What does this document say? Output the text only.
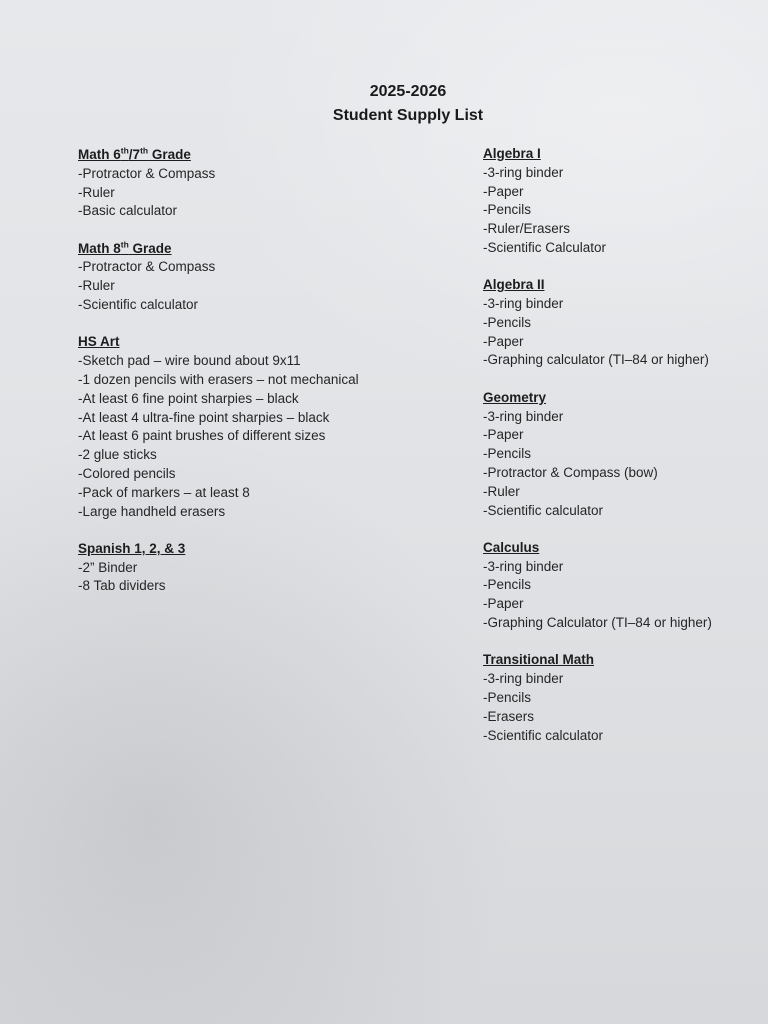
2025-2026
Student Supply List
Math 6th/7th Grade
-Protractor & Compass
-Ruler
-Basic calculator
Math 8th Grade
-Protractor & Compass
-Ruler
-Scientific calculator
HS Art
-Sketch pad – wire bound about 9x11
-1 dozen pencils with erasers – not mechanical
-At least 6 fine point sharpies – black
-At least 4 ultra-fine point sharpies – black
-At least 6 paint brushes of different sizes
-2 glue sticks
-Colored pencils
-Pack of markers – at least 8
-Large handheld erasers
Spanish 1, 2, & 3
-2” Binder
-8 Tab dividers
Algebra I
-3-ring binder
-Paper
-Pencils
-Ruler/Erasers
-Scientific Calculator
Algebra II
-3-ring binder
-Pencils
-Paper
-Graphing calculator (TI–84 or higher)
Geometry
-3-ring binder
-Paper
-Pencils
-Protractor & Compass (bow)
-Ruler
-Scientific calculator
Calculus
-3-ring binder
-Pencils
-Paper
-Graphing Calculator (TI–84 or higher)
Transitional Math
-3-ring binder
-Pencils
-Erasers
-Scientific calculator
